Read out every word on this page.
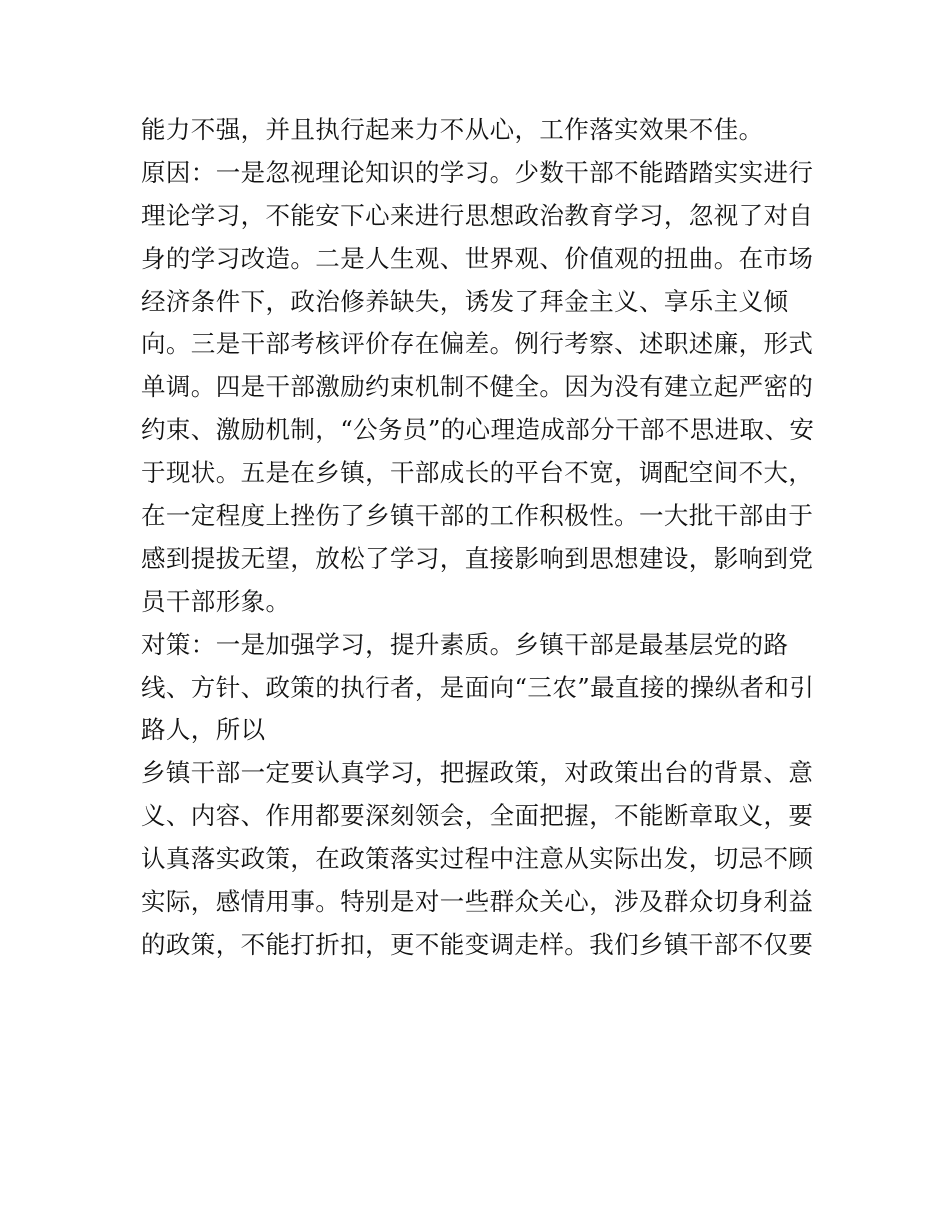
能力不强，并且执行起来力不从心，工作落实效果不佳。
原因：一是忽视理论知识的学习。少数干部不能踏踏实实进行
理论学习，不能安下心来进行思想政治教育学习，忽视了对自
身的学习改造。二是人生观、世界观、价值观的扭曲。在市场
经济条件下，政治修养缺失，诱发了拜金主义、享乐主义倾
向。三是干部考核评价存在偏差。例行考察、述职述廉，形式
单调。四是干部激励约束机制不健全。因为没有建立起严密的
约束、激励机制，“公务员”的心理造成部分干部不思进取、安
于现状。五是在乡镇，干部成长的平台不宽，调配空间不大，
在一定程度上挫伤了乡镇干部的工作积极性。一大批干部由于
感到提拔无望，放松了学习，直接影响到思想建设，影响到党
员干部形象。
对策：一是加强学习，提升素质。乡镇干部是最基层党的路
线、方针、政策的执行者，是面向“三农”最直接的操纵者和引
路人，所以
乡镇干部一定要认真学习，把握政策，对政策出台的背景、意
义、内容、作用都要深刻领会，全面把握，不能断章取义，要
认真落实政策，在政策落实过程中注意从实际出发，切忌不顾
实际，感情用事。特别是对一些群众关心，涉及群众切身利益
的政策，不能打折扣，更不能变调走样。我们乡镇干部不仅要
